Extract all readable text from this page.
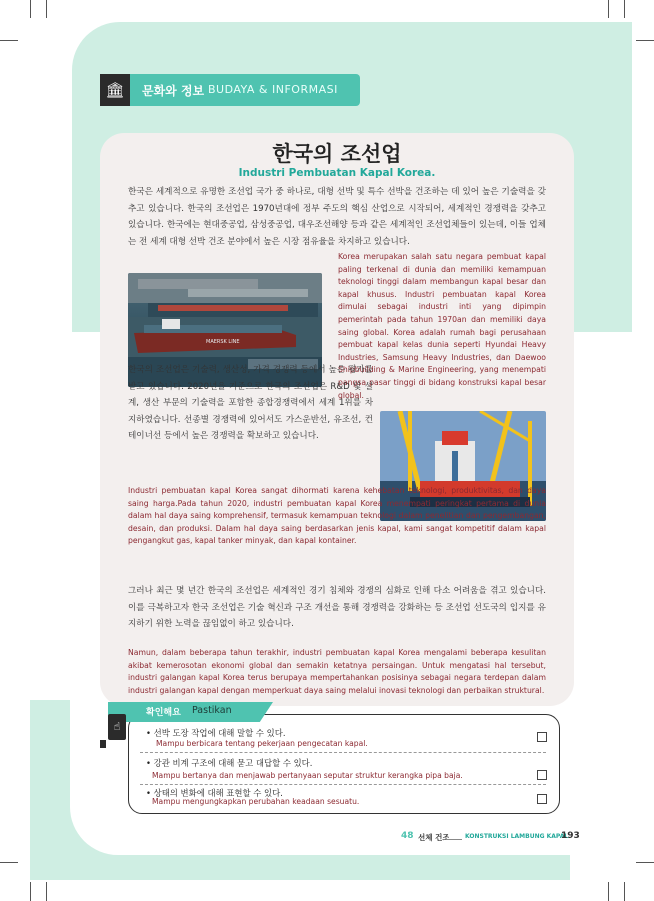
🏛	문화와 정보 BUDAYA & INFORMASI
한국의 조선업
Industri Pembuatan Kapal Korea.
한국은 세계적으로 유명한 조선업 국가 중 하나로, 대형 선박 및 특수 선박을 건조하는 데 있어 높은 기술력을 갖추고 있습니다. 한국의 조선업은 1970년대에 정부 주도의 핵심 산업으로 시작되어, 세계적인 경쟁력을 갖추고 있습니다. 한국에는 현대중공업, 삼성중공업, 대우조선해양 등과 같은 세계적인 조선업체들이 있는데, 이들 업체는 전 세계 대형 선박 건조 분야에서 높은 시장 점유율을 차지하고 있습니다.
Korea merupakan salah satu negara pembuat kapal paling terkenal di dunia dan memiliki kemampuan teknologi tinggi dalam membangun kapal besar dan kapal khusus. Industri pembuatan kapal Korea dimulai sebagai industri inti yang dipimpin pemerintah pada tahun 1970an dan memiliki daya saing global. Korea adalah rumah bagi perusahaan pembuat kapal kelas dunia seperti Hyundai Heavy Industries, Samsung Heavy Industries, dan Daewoo Shipbuilding & Marine Engineering, yang menempati pangsa pasar tinggi di bidang konstruksi kapal besar global.
MAERSK LINE
한국의 조선업은 기술력, 생산성, 가격 경쟁력 등에서 높은 평가를 받고 있습니다. 2020년을 기준으로 한국의 조선업은 R&D 및 설계, 생산 부문의 기술력을 포함한 종합경쟁력에서 세계 1위를 차지하였습니다. 선종별 경쟁력에 있어서도 가스운반선, 유조선, 컨테이너선 등에서 높은 경쟁력을 확보하고 있습니다.
Industri pembuatan kapal Korea sangat dihormati karena kehebatan teknologi, produktivitas, dan daya saing harga.Pada tahun 2020, industri pembuatan kapal Korea menempati peringkat pertama di dunia dalam hal daya saing komprehensif, termasuk kemampuan teknologi dalam penelitian dan pengembangan, desain, dan produksi. Dalam hal daya saing berdasarkan jenis kapal, kami sangat kompetitif dalam kapal pengangkut gas, kapal tanker minyak, dan kapal kontainer.
그러나 최근 몇 년간 한국의 조선업은 세계적인 경기 침체와 경쟁의 심화로 인해 다소 어려움을 겪고 있습니다. 이를 극복하고자 한국 조선업은 기술 혁신과 구조 개선을 통해 경쟁력을 강화하는 등 조선업 선도국의 입지를 유지하기 위한 노력을 끊임없이 하고 있습니다.
Namun, dalam beberapa tahun terakhir, industri pembuatan kapal Korea mengalami beberapa kesulitan akibat kemerosotan ekonomi global dan semakin ketatnya persaingan. Untuk mengatasi hal tersebut, industri galangan kapal Korea terus berupaya mempertahankan posisinya sebagai negara terdepan dalam industri galangan kapal dengan memperkuat daya saing melalui inovasi teknologi dan perbaikan struktural.
☝
확인해요 Pastikan
• 선박 도장 작업에 대해 말할 수 있다.
Mampu berbicara tentang pekerjaan pengecatan kapal.
• 강관 비계 구조에 대해 묻고 대답할 수 있다.
Mampu bertanya dan menjawab pertanyaan seputar struktur kerangka pipa baja.
• 상태의 변화에 대해 표현할 수 있다.
Mampu mengungkapkan perubahan keadaan sesuatu.
48 선체 건조	KONSTRUKSI LAMBUNG KAPAL
193
